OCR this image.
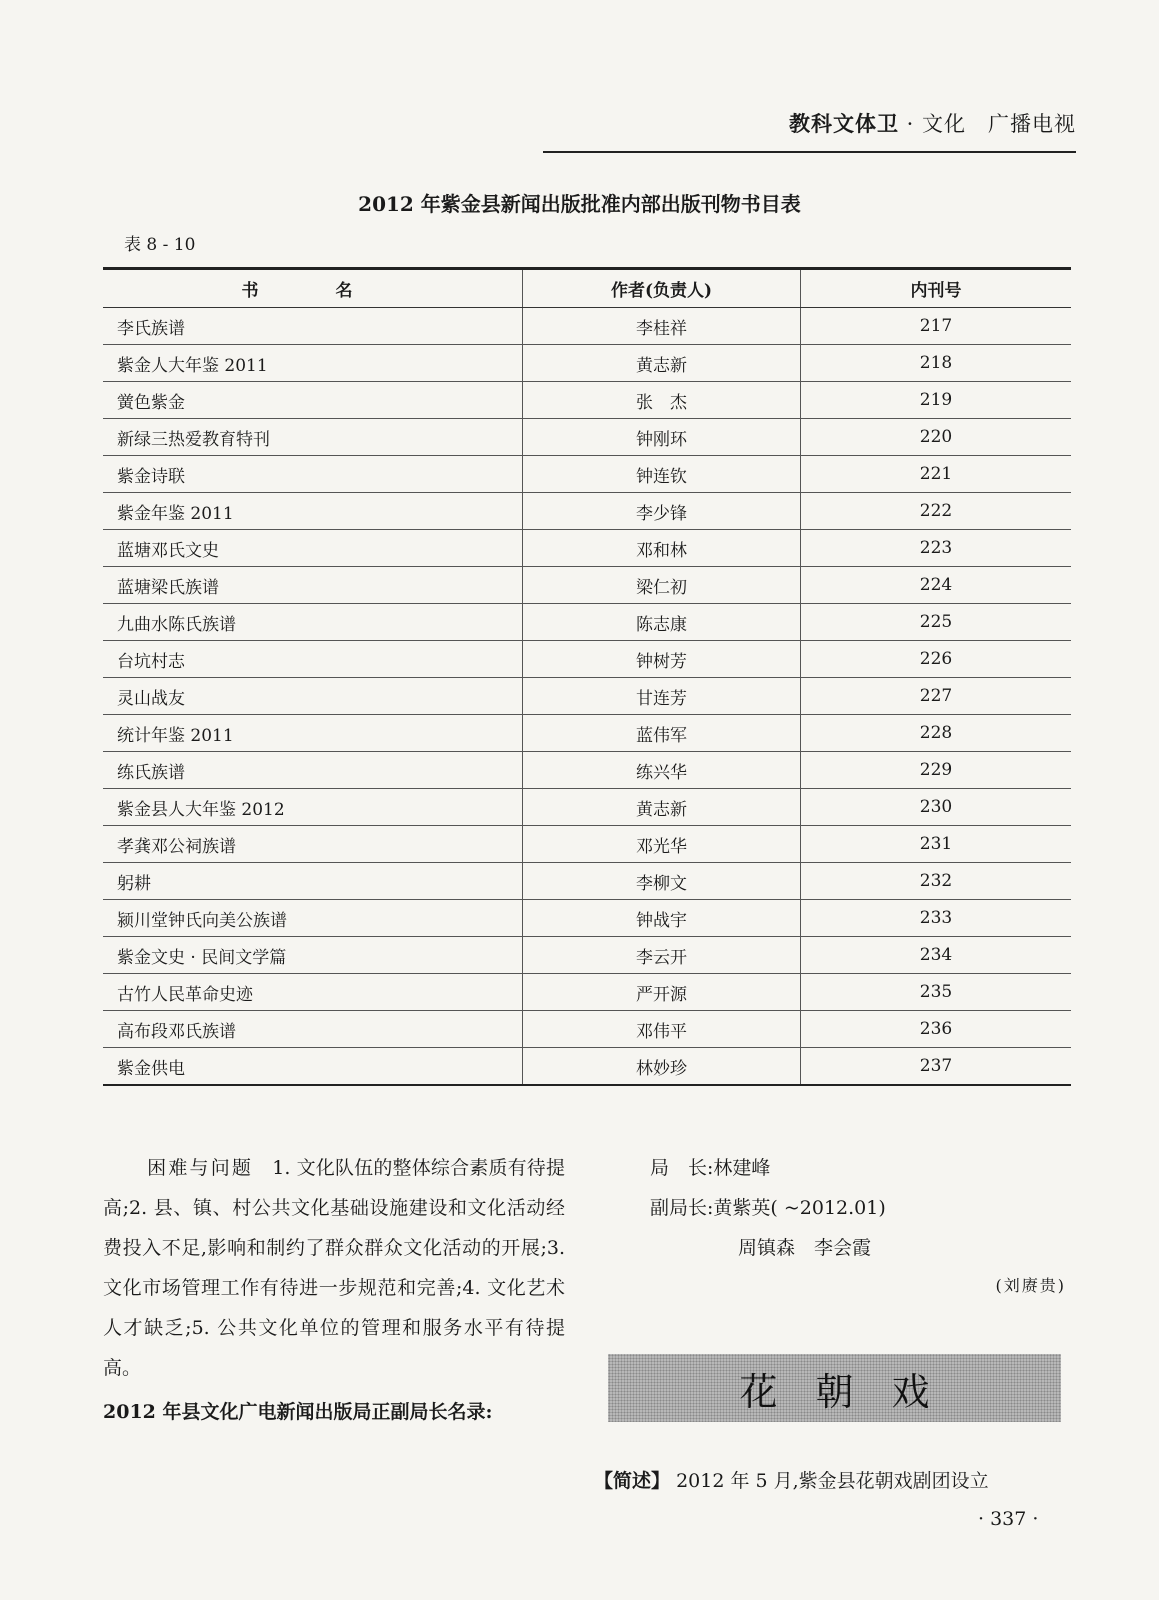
教科文体卫 · 文化　广播电视
2012 年紫金县新闻出版批准内部出版刊物书目表
表 8 - 10
书　名	作者(负责人)	内刊号
李氏族谱	李桂祥	217
紫金人大年鉴 2011	黄志新	218
黉色紫金	张　杰	219
新绿三热爱教育特刊	钟刚环	220
紫金诗联	钟连钦	221
紫金年鉴 2011	李少锋	222
蓝塘邓氏文史	邓和林	223
蓝塘梁氏族谱	梁仁初	224
九曲水陈氏族谱	陈志康	225
台坑村志	钟树芳	226
灵山战友	甘连芳	227
统计年鉴 2011	蓝伟军	228
练氏族谱	练兴华	229
紫金县人大年鉴 2012	黄志新	230
孝龚邓公祠族谱	邓光华	231
躬耕	李柳文	232
颍川堂钟氏向美公族谱	钟战宇	233
紫金文史 · 民间文学篇	李云开	234
古竹人民革命史迹	严开源	235
高布段邓氏族谱	邓伟平	236
紫金供电	林妙珍	237
困难与问题　 1. 文化队伍的整体综合素质有待提高;2. 县、镇、村公共文化基础设施建设和文化活动经费投入不足,影响和制约了群众群众文化活动的开展;3. 文化市场管理工作有待进一步规范和完善;4. 文化艺术人才缺乏;5. 公共文化单位的管理和服务水平有待提高。
2012 年县文化广电新闻出版局正副局长名录:
局　长:林建峰
副局长:黄紫英( ~2012.01)
周镇森　李会霞
(刘赓贵)
花朝戏
【简述】 2012 年 5 月,紫金县花朝戏剧团设立
· 337 ·
